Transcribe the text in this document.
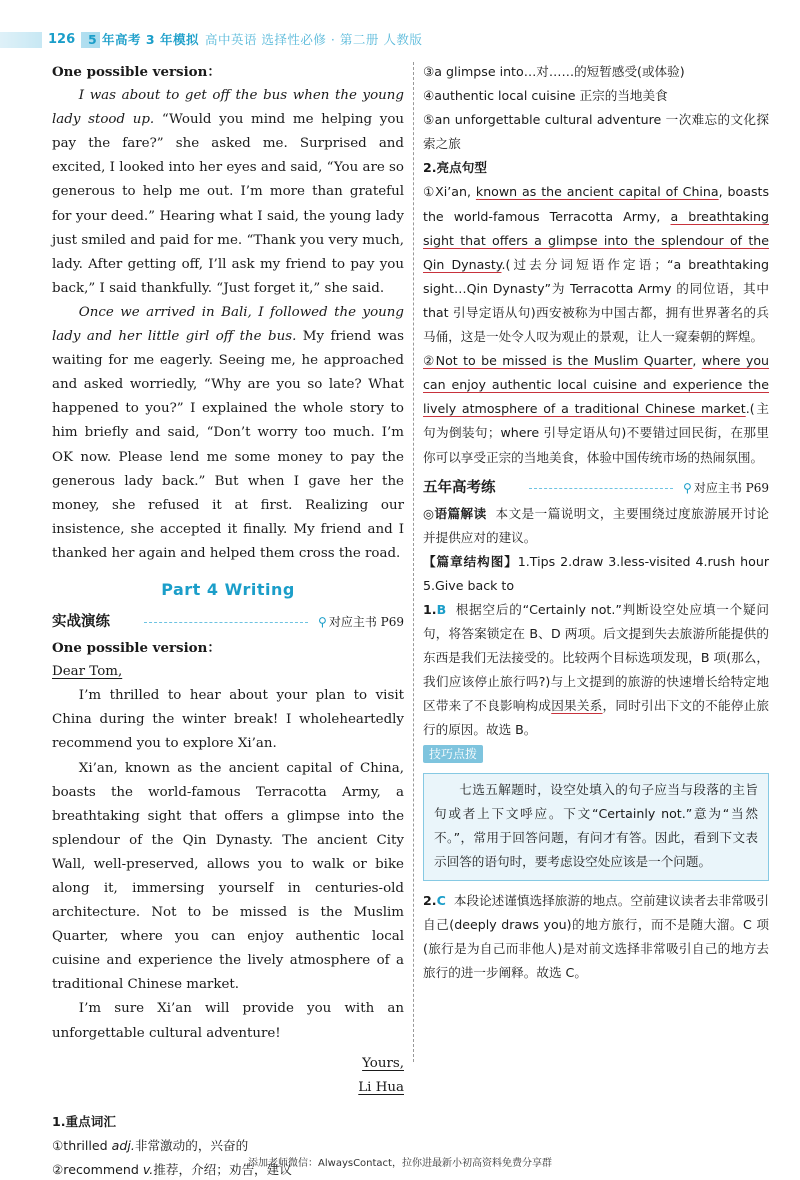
126	5 年高考 3 年模拟 高中英语 选择性必修 · 第二册 人教版

One possible version：

I was about to get off the bus when the young lady stood up. “Would you mind me helping you pay the fare?” she asked me. Surprised and excited, I looked into her eyes and said, “You are so generous to help me out. I’m more than grateful for your deed.” Hearing what I said, the young lady just smiled and paid for me. “Thank you very much, lady. After getting off, I’ll ask my friend to pay you back,” I said thankfully. “Just forget it,” she said.

Once we arrived in Bali, I followed the young lady and her little girl off the bus. My friend was waiting for me eagerly. Seeing me, he approached and asked worriedly, “Why are you so late? What happened to you?” I explained the whole story to him briefly and said, “Don’t worry too much. I’m OK now. Please lend me some money to pay the generous lady back.” But when I gave her the money, she refused it at first. Realizing our insistence, she accepted it finally. My friend and I thanked her again and helped them cross the road.

Part 4 Writing
实战演练	⚲ 对应主书 P69

One possible version：

Dear Tom,

I’m thrilled to hear about your plan to visit China during the winter break! I wholeheartedly recommend you to explore Xi’an.

Xi’an, known as the ancient capital of China, boasts the world-famous Terracotta Army, a breathtaking sight that offers a glimpse into the splendour of the Qin Dynasty. The ancient City Wall, well-preserved, allows you to walk or bike along it, immersing yourself in centuries-old architecture. Not to be missed is the Muslim Quarter, where you can enjoy authentic local cuisine and experience the lively atmosphere of a traditional Chinese market.

I’m sure Xi’an will provide you with an unforgettable cultural adventure!

Yours,

Li Hua

1.重点词汇

①thrilled adj.非常激动的，兴奋的

②recommend v.推荐，介绍；劝告，建议

③a glimpse into…对……的短暂感受(或体验)

④authentic local cuisine 正宗的当地美食

⑤an unforgettable cultural adventure 一次难忘的文化探索之旅

2.亮点句型

①Xi’an, known as the ancient capital of China, boasts the world-famous Terracotta Army, a breathtaking sight that offers a glimpse into the splendour of the Qin Dynasty.(过去分词短语作定语；“a breathtaking sight…Qin Dynasty”为 Terracotta Army 的同位语，其中 that 引导定语从句)西安被称为中国古都，拥有世界著名的兵马俑，这是一处令人叹为观止的景观，让人一窥秦朝的辉煌。

②Not to be missed is the Muslim Quarter, where you can enjoy authentic local cuisine and experience the lively atmosphere of a traditional Chinese market.(主句为倒装句；where 引导定语从句)不要错过回民街，在那里你可以享受正宗的当地美食，体验中国传统市场的热闹氛围。

五年高考练	⚲ 对应主书 P69

◎语篇解读 本文是一篇说明文，主要围绕过度旅游展开讨论并提供应对的建议。

【篇章结构图】1.Tips 2.draw 3.less-visited 4.rush hour 5.Give back to

1.B 根据空后的“Certainly not.”判断设空处应填一个疑问句，将答案锁定在 B、D 两项。后文提到失去旅游所能提供的东西是我们无法接受的。比较两个目标选项发现，B 项(那么，我们应该停止旅行吗?)与上文提到的旅游的快速增长给特定地区带来了不良影响构成因果关系，同时引出下文的不能停止旅行的原因。故选 B。

技巧点拨

七选五解题时，设空处填入的句子应当与段落的主旨句或者上下文呼应。下文“Certainly not.”意为“当然不。”，常用于回答问题，有问才有答。因此，看到下文表示回答的语句时，要考虑设空处应该是一个问题。

2.C 本段论述谨慎选择旅游的地点。空前建议读者去非常吸引自己(deeply draws you)的地方旅行，而不是随大溜。C 项(旅行是为自己而非他人)是对前文选择非常吸引自己的地方去旅行的进一步阐释。故选 C。

添加老师微信：AlwaysContact，拉你进最新小初高资料免费分享群
